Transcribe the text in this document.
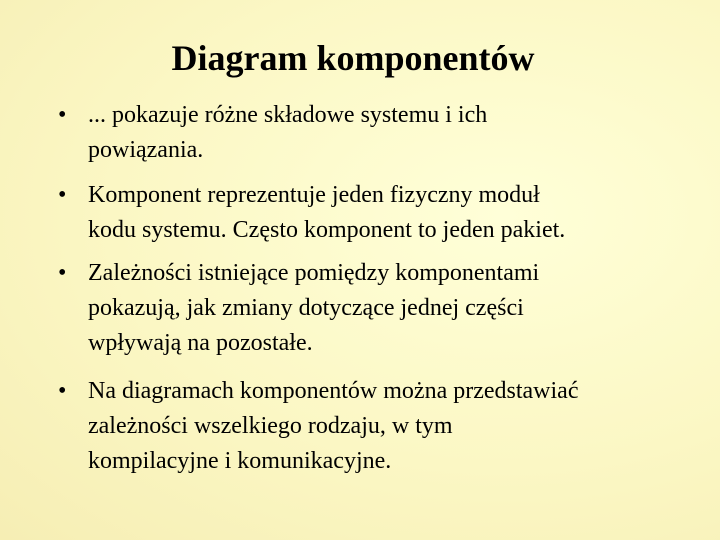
Diagram komponentów
• ... pokazuje różne składowe systemu i ich
powiązania.
• Komponent reprezentuje jeden fizyczny moduł
kodu systemu. Często komponent to jeden pakiet.
• Zależności istniejące pomiędzy komponentami
pokazują, jak zmiany dotyczące jednej części
wpływają na pozostałe.
• Na diagramach komponentów można przedstawiać
zależności wszelkiego rodzaju, w tym
kompilacyjne i komunikacyjne.
